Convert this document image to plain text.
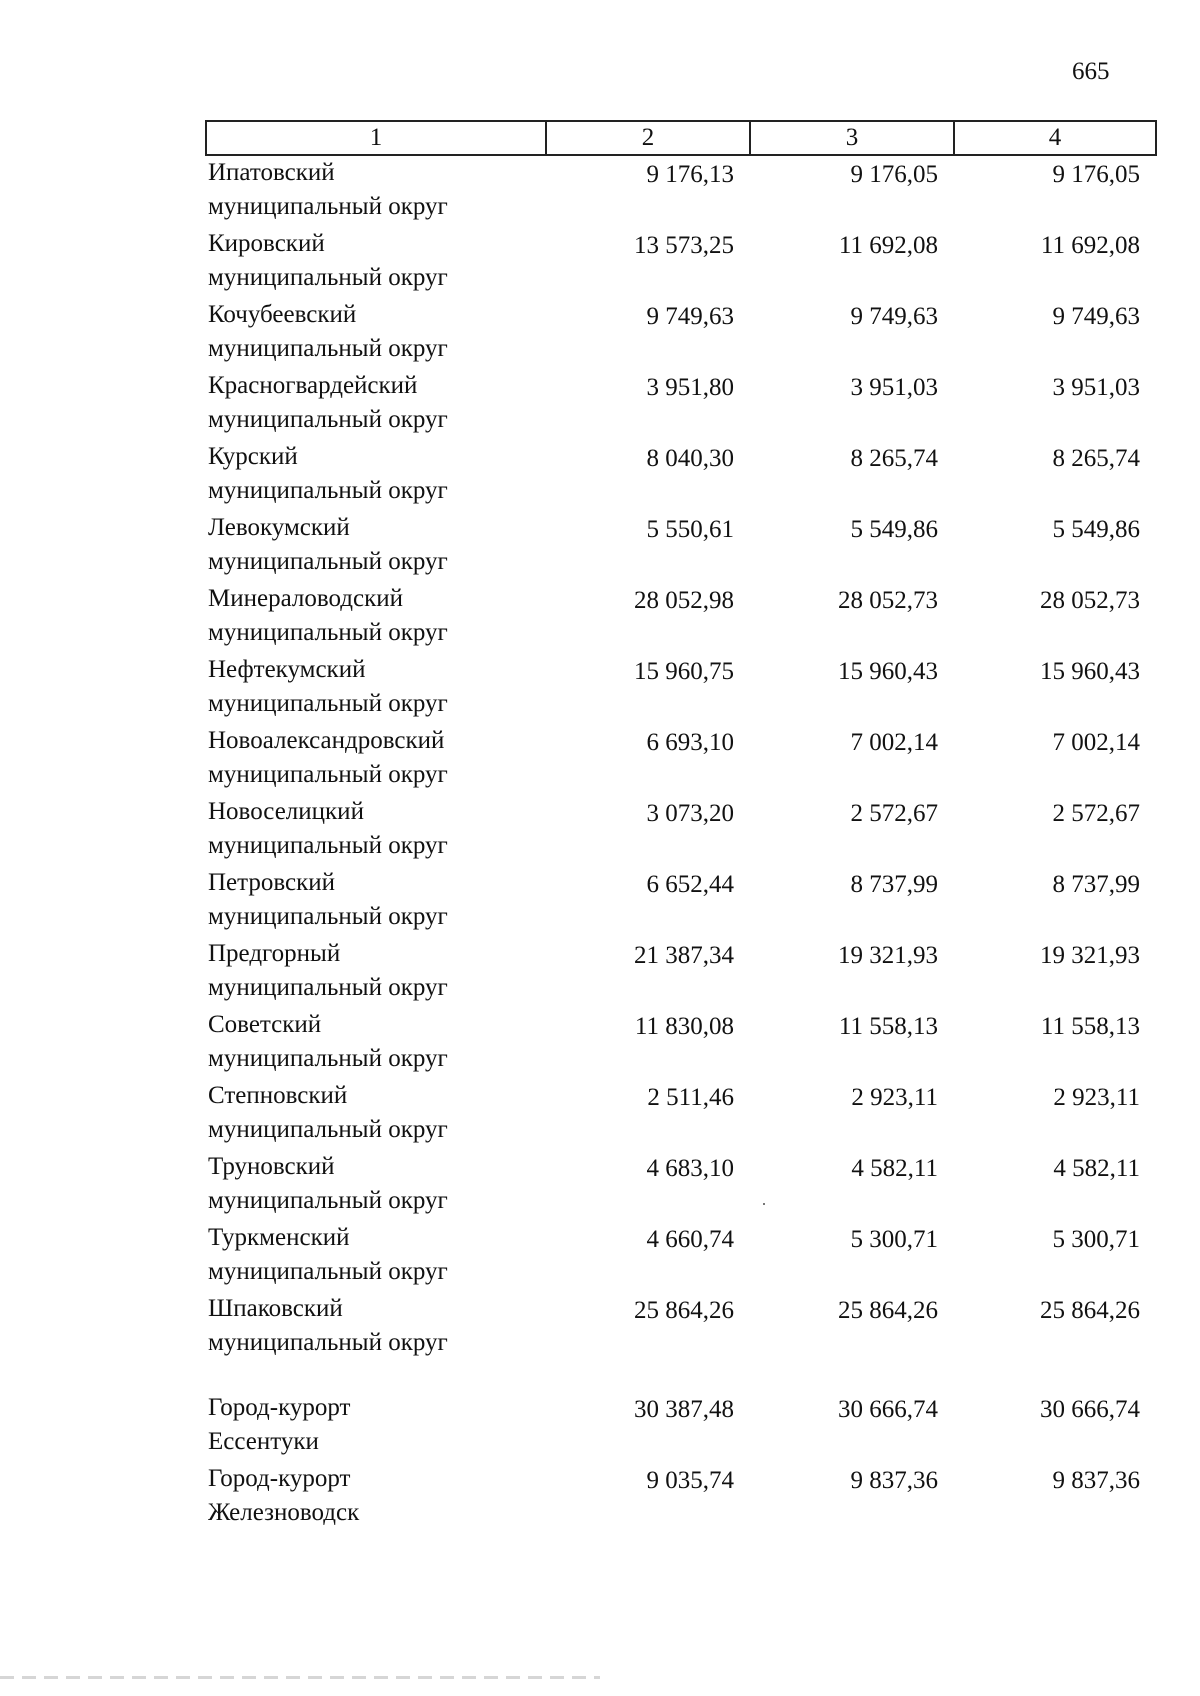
665
1	2	3	4

Ипатовский
муниципальный округ	9 176,13	9 176,05	9 176,05

Кировский
муниципальный округ	13 573,25	11 692,08	11 692,08

Кочубеевский
муниципальный округ	9 749,63	9 749,63	9 749,63

Красногвардейский
муниципальный округ	3 951,80	3 951,03	3 951,03

Курский
муниципальный округ	8 040,30	8 265,74	8 265,74

Левокумский
муниципальный округ	5 550,61	5 549,86	5 549,86

Минераловодский
муниципальный округ	28 052,98	28 052,73	28 052,73

Нефтекумский
муниципальный округ	15 960,75	15 960,43	15 960,43

Новоалександровский
муниципальный округ	6 693,10	7 002,14	7 002,14

Новоселицкий
муниципальный округ	3 073,20	2 572,67	2 572,67

Петровский
муниципальный округ	6 652,44	8 737,99	8 737,99

Предгорный
муниципальный округ	21 387,34	19 321,93	19 321,93

Советский
муниципальный округ	11 830,08	11 558,13	11 558,13

Степновский
муниципальный округ	2 511,46	2 923,11	2 923,11

Труновский
муниципальный округ	4 683,10	4 582,11	4 582,11

Туркменский
муниципальный округ	4 660,74	5 300,71	5 300,71

Шпаковский
муниципальный округ	25 864,26	25 864,26	25 864,26

Город-курорт
Ессентуки	30 387,48	30 666,74	30 666,74

Город-курорт
Железноводск	9 035,74	9 837,36	9 837,36
